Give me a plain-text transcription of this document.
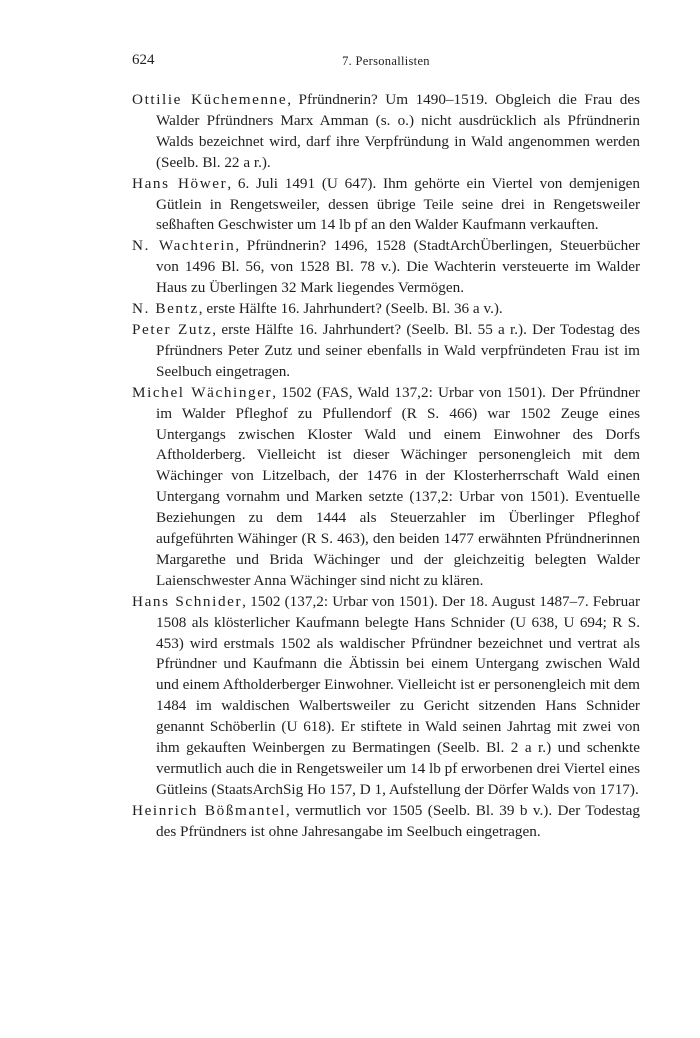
624	7. Personallisten

Ottilie Küchemenne, Pfründnerin? Um 1490–1519. Obgleich die Frau des Walder Pfründners Marx Amman (s. o.) nicht ausdrücklich als Pfründnerin Walds bezeichnet wird, darf ihre Verpfründung in Wald angenommen werden (Seelb. Bl. 22 a r.).

Hans Höwer, 6. Juli 1491 (U 647). Ihm gehörte ein Viertel von demjenigen Gütlein in Rengetsweiler, dessen übrige Teile seine drei in Rengetsweiler seßhaften Geschwister um 14 lb pf an den Walder Kaufmann verkauften.

N. Wachterin, Pfründnerin? 1496, 1528 (StadtArchÜberlingen, Steuerbücher von 1496 Bl. 56, von 1528 Bl. 78 v.). Die Wachterin versteuerte im Walder Haus zu Überlingen 32 Mark liegendes Vermögen.

N. Bentz, erste Hälfte 16. Jahrhundert? (Seelb. Bl. 36 a v.).

Peter Zutz, erste Hälfte 16. Jahrhundert? (Seelb. Bl. 55 a r.). Der Todestag des Pfründners Peter Zutz und seiner ebenfalls in Wald verpfründeten Frau ist im Seelbuch eingetragen.

Michel Wächinger, 1502 (FAS, Wald 137,2: Urbar von 1501). Der Pfründner im Walder Pfleghof zu Pfullendorf (R S. 466) war 1502 Zeuge eines Untergangs zwischen Kloster Wald und einem Einwohner des Dorfs Aftholderberg. Vielleicht ist dieser Wächinger personengleich mit dem Wächinger von Litzelbach, der 1476 in der Klosterherrschaft Wald einen Untergang vornahm und Marken setzte (137,2: Urbar von 1501). Eventuelle Beziehungen zu dem 1444 als Steuerzahler im Überlinger Pfleghof aufgeführten Wähinger (R S. 463), den beiden 1477 erwähnten Pfründnerinnen Margarethe und Brida Wächinger und der gleichzeitig belegten Walder Laienschwester Anna Wächinger sind nicht zu klären.

Hans Schnider, 1502 (137,2: Urbar von 1501). Der 18. August 1487–7. Februar 1508 als klösterlicher Kaufmann belegte Hans Schnider (U 638, U 694; R S. 453) wird erstmals 1502 als waldischer Pfründner bezeichnet und vertrat als Pfründner und Kaufmann die Äbtissin bei einem Untergang zwischen Wald und einem Aftholderberger Einwohner. Vielleicht ist er personengleich mit dem 1484 im waldischen Walbertsweiler zu Gericht sitzenden Hans Schnider genannt Schöberlin (U 618). Er stiftete in Wald seinen Jahrtag mit zwei von ihm gekauften Weinbergen zu Bermatingen (Seelb. Bl. 2 a r.) und schenkte vermutlich auch die in Rengetsweiler um 14 lb pf erworbenen drei Viertel eines Gütleins (StaatsArchSig Ho 157, D 1, Aufstellung der Dörfer Walds von 1717).

Heinrich Bößmantel, vermutlich vor 1505 (Seelb. Bl. 39 b v.). Der Todestag des Pfründners ist ohne Jahresangabe im Seelbuch eingetragen.
